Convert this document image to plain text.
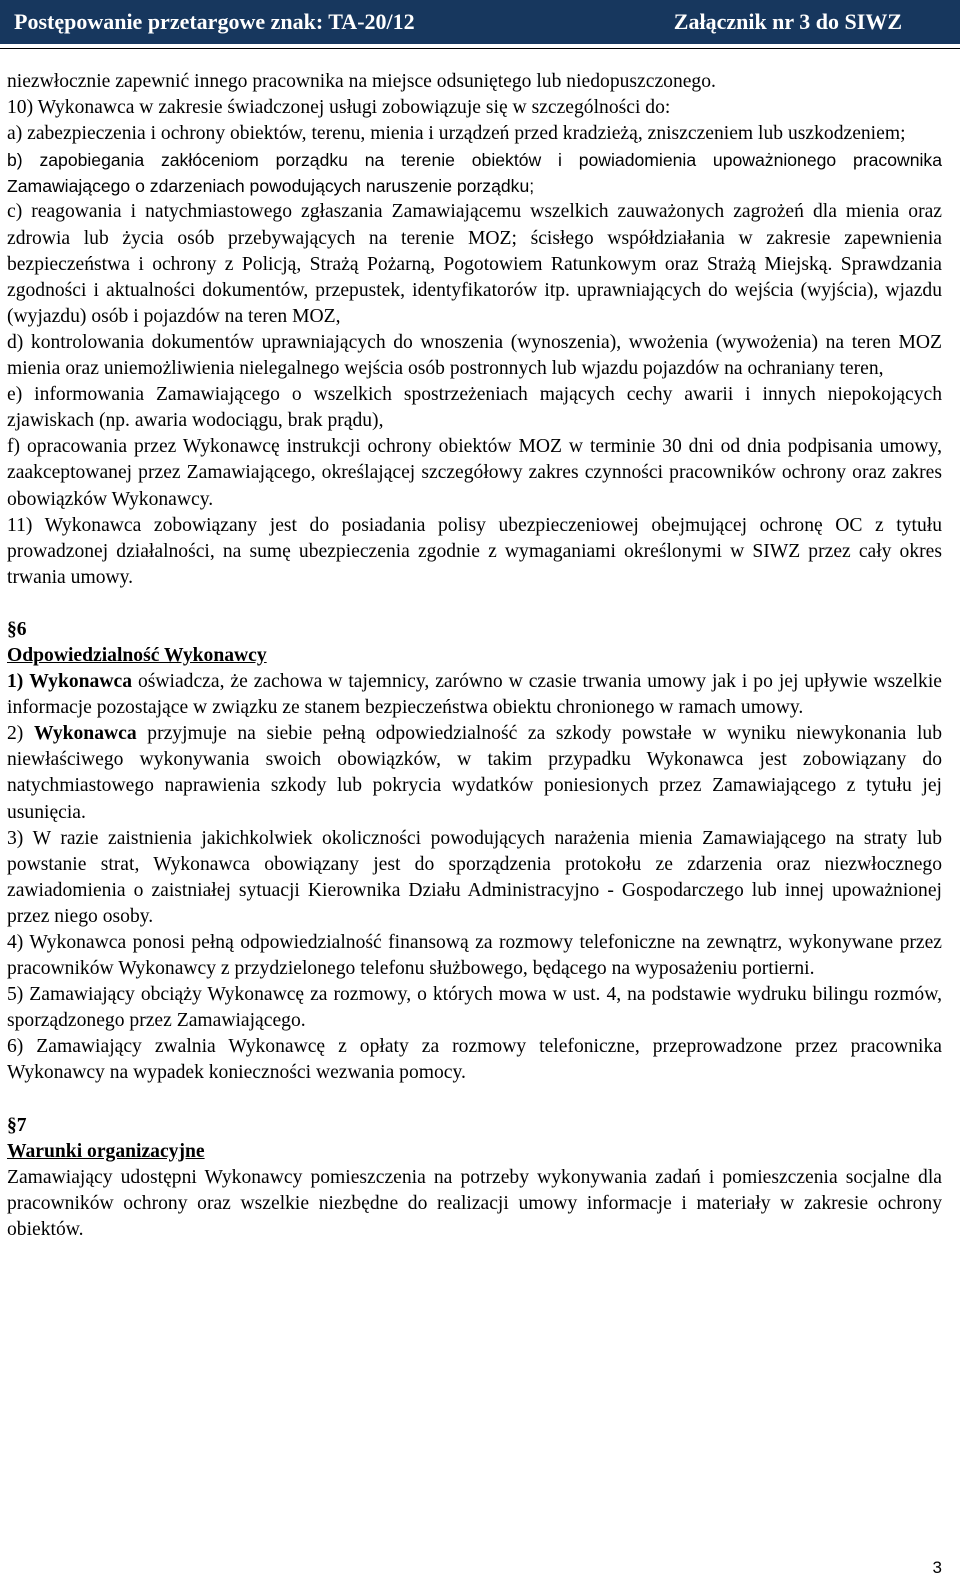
Postępowanie przetargowe znak: TA-20/12	Załącznik nr 3 do SIWZ

niezwłocznie zapewnić innego pracownika na miejsce odsuniętego lub niedopuszczonego.

10) Wykonawca w zakresie świadczonej usługi zobowiązuje się w szczególności do:

a) zabezpieczenia i ochrony obiektów, terenu, mienia i urządzeń przed kradzieżą, zniszczeniem lub uszkodzeniem;

b) zapobiegania zakłóceniom porządku na terenie obiektów i powiadomienia upoważnionego pracownika Zamawiającego o zdarzeniach powodujących naruszenie porządku;

c) reagowania i natychmiastowego zgłaszania Zamawiającemu wszelkich zauważonych zagrożeń dla mienia oraz zdrowia lub życia osób przebywających na terenie MOZ; ścisłego współdziałania w zakresie zapewnienia bezpieczeństwa i ochrony z Policją, Strażą Pożarną, Pogotowiem Ratunkowym oraz Strażą Miejską. Sprawdzania zgodności i aktualności dokumentów, przepustek, identyfikatorów itp. uprawniających do wejścia (wyjścia), wjazdu (wyjazdu) osób i pojazdów na teren MOZ,

d) kontrolowania dokumentów uprawniających do wnoszenia (wynoszenia), wwożenia (wywożenia) na teren MOZ mienia oraz uniemożliwienia nielegalnego wejścia osób postronnych lub wjazdu pojazdów na ochraniany teren,

e) informowania Zamawiającego o wszelkich spostrzeżeniach mających cechy awarii i innych niepokojących zjawiskach (np. awaria wodociągu, brak prądu),

f) opracowania przez Wykonawcę instrukcji ochrony obiektów MOZ w terminie 30 dni od dnia podpisania umowy, zaakceptowanej przez Zamawiającego, określającej szczegółowy zakres czynności pracowników ochrony oraz zakres obowiązków Wykonawcy.

11) Wykonawca zobowiązany jest do posiadania polisy ubezpieczeniowej obejmującej ochronę OC z tytułu prowadzonej działalności, na sumę ubezpieczenia zgodnie z wymaganiami określonymi w SIWZ przez cały okres trwania umowy.

§6

Odpowiedzialność Wykonawcy

1) Wykonawca oświadcza, że zachowa w tajemnicy, zarówno w czasie trwania umowy jak i po jej upływie wszelkie informacje pozostające w związku ze stanem bezpieczeństwa obiektu chronionego w ramach umowy.

2) Wykonawca przyjmuje na siebie pełną odpowiedzialność za szkody powstałe w wyniku niewykonania lub niewłaściwego wykonywania swoich obowiązków, w takim przypadku Wykonawca jest zobowiązany do natychmiastowego naprawienia szkody lub pokrycia wydatków poniesionych przez Zamawiającego z tytułu jej usunięcia.

3) W razie zaistnienia jakichkolwiek okoliczności powodujących narażenia mienia Zamawiającego na straty lub powstanie strat, Wykonawca obowiązany jest do sporządzenia protokołu ze zdarzenia oraz niezwłocznego zawiadomienia o zaistniałej sytuacji Kierownika Działu Administracyjno - Gospodarczego lub innej upoważnionej przez niego osoby.

4) Wykonawca ponosi pełną odpowiedzialność finansową za rozmowy telefoniczne na zewnątrz, wykonywane przez pracowników Wykonawcy z przydzielonego telefonu służbowego, będącego na wyposażeniu portierni.

5) Zamawiający obciąży Wykonawcę za rozmowy, o których mowa w ust. 4, na podstawie wydruku bilingu rozmów, sporządzonego przez Zamawiającego.

6) Zamawiający zwalnia Wykonawcę z opłaty za rozmowy telefoniczne, przeprowadzone przez pracownika Wykonawcy na wypadek konieczności wezwania pomocy.

§7

Warunki organizacyjne

Zamawiający udostępni Wykonawcy pomieszczenia na potrzeby wykonywania zadań i pomieszczenia socjalne dla pracowników ochrony oraz wszelkie niezbędne do realizacji umowy informacje i materiały w zakresie ochrony obiektów.

3
